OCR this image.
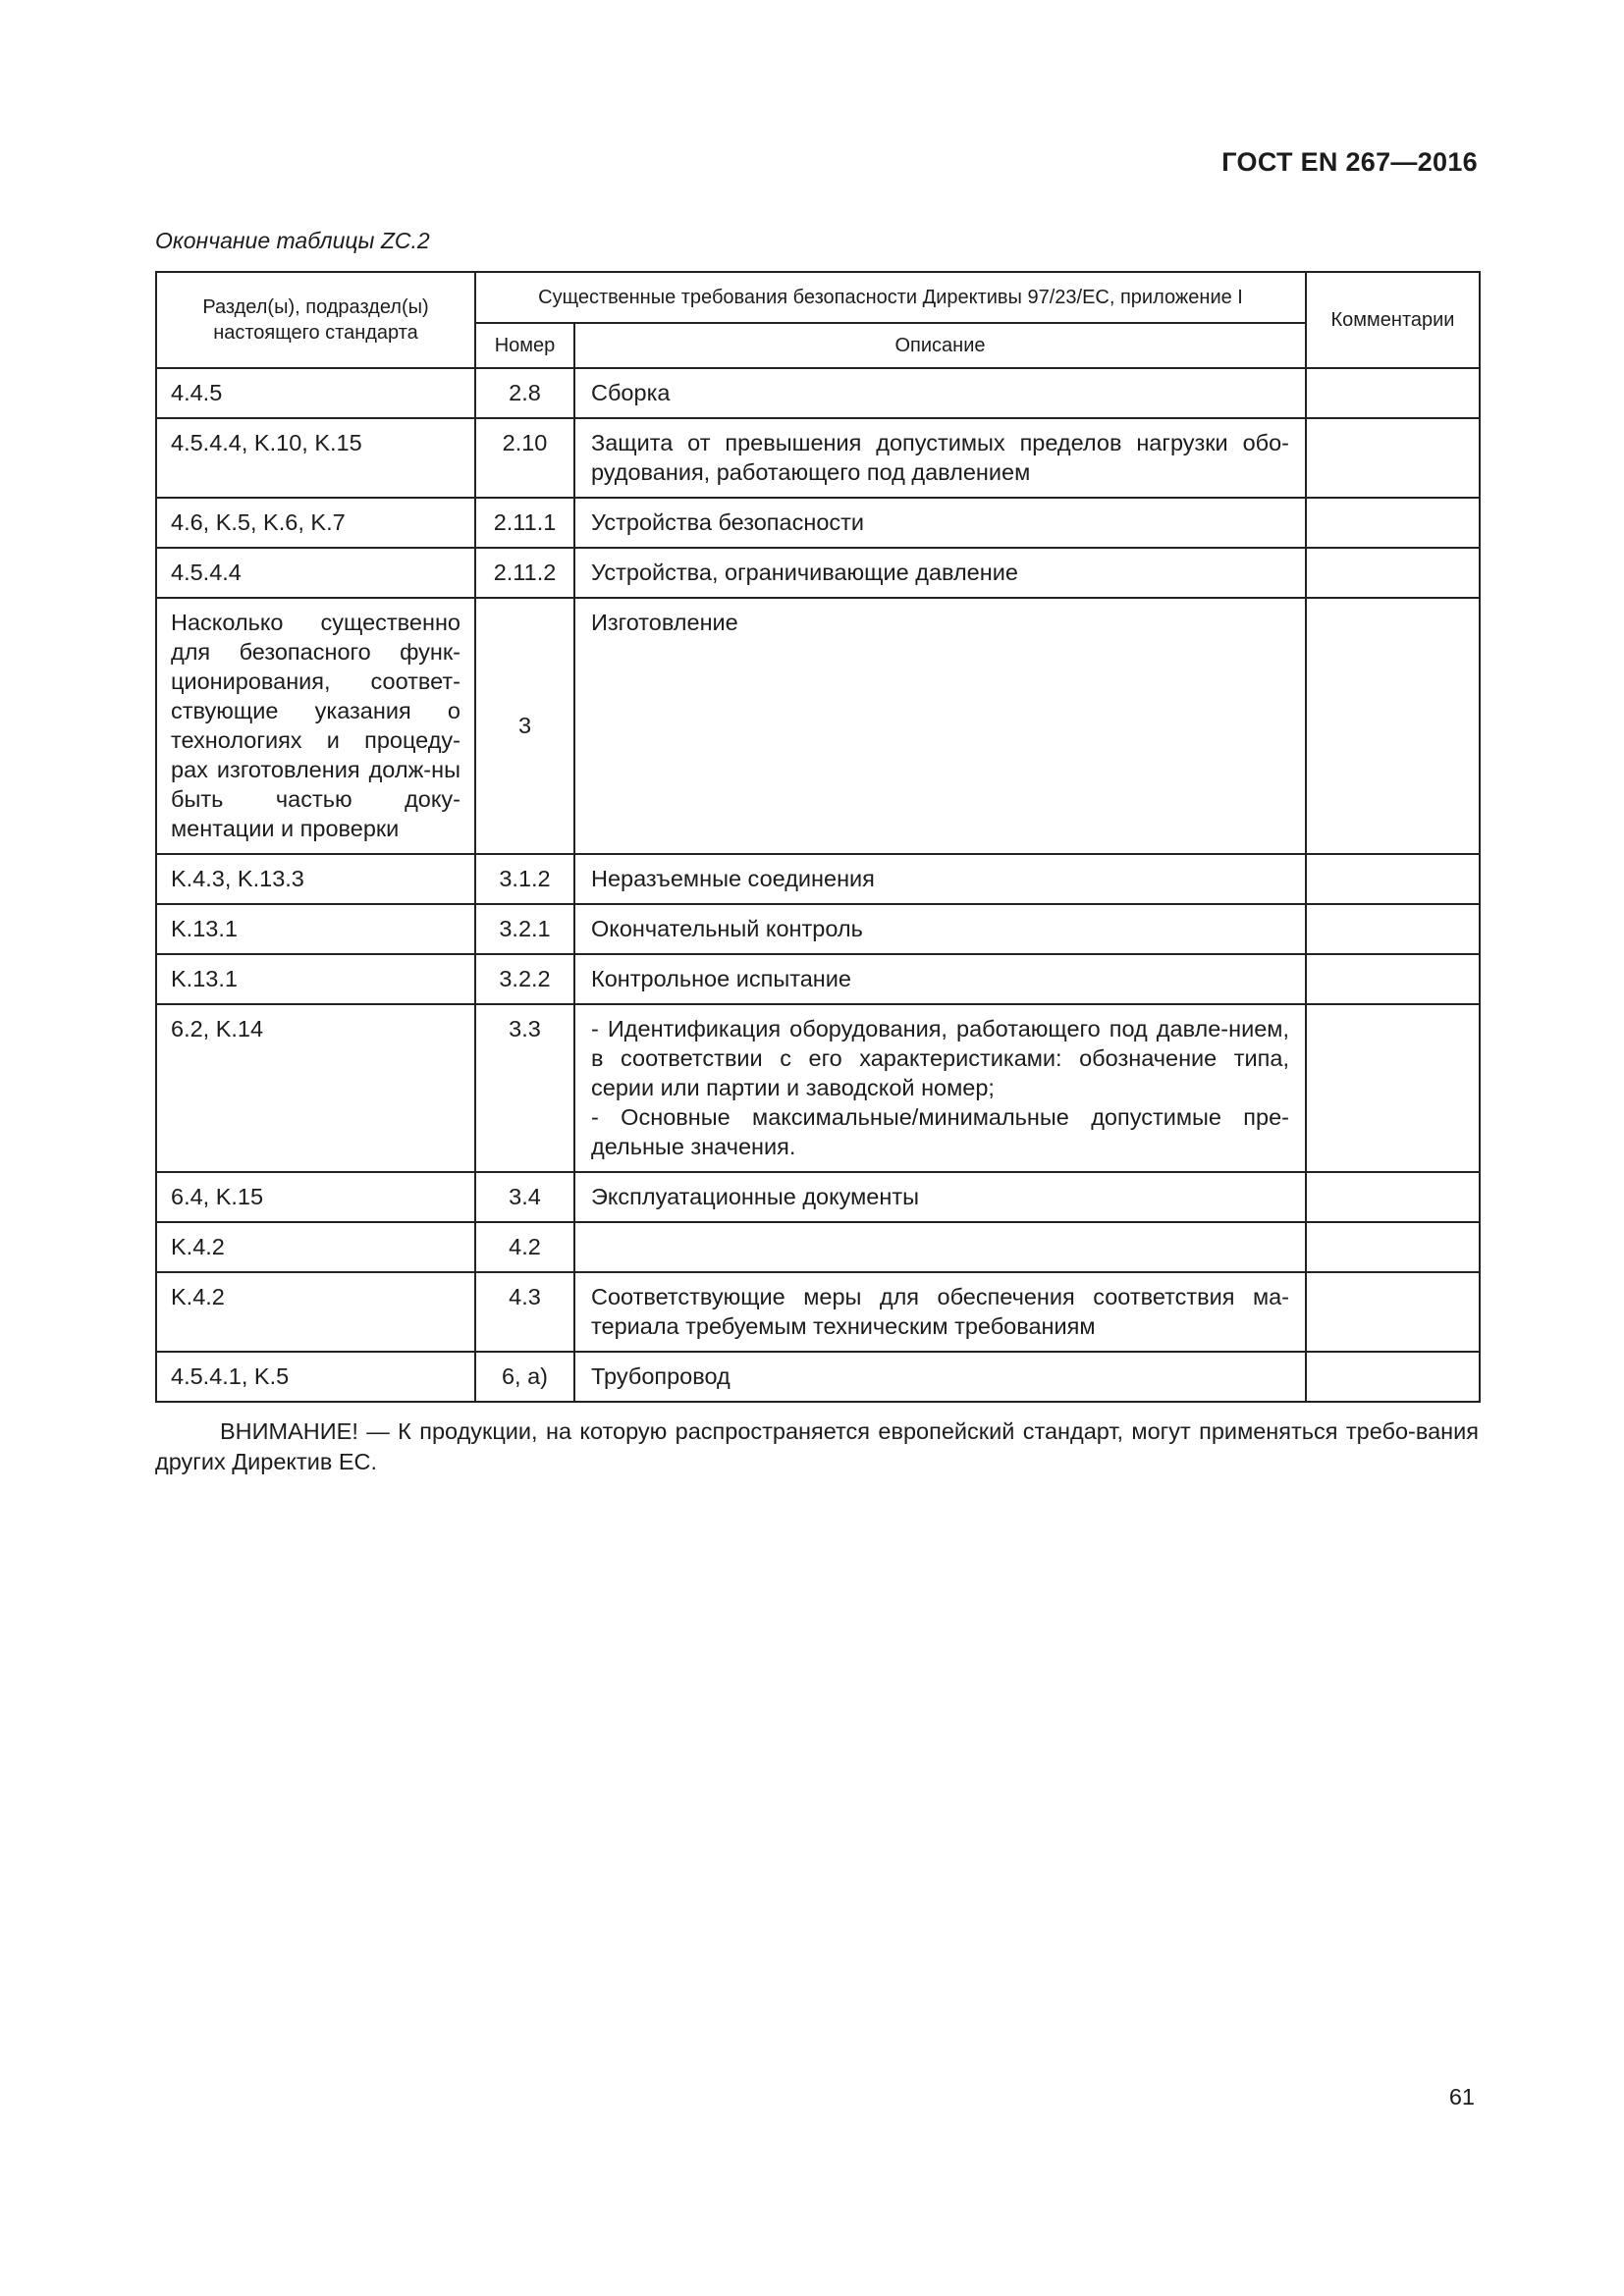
ГОСТ EN 267—2016
Окончание таблицы ZC.2
Раздел(ы), подраздел(ы) настоящего стандарта	Существенные требования безопасности Директивы 97/23/ЕС, приложение I		Комментарии
	Номер	Описание	
4.4.5	2.8	Сборка	
4.5.4.4, K.10, K.15	2.10	Защита от превышения допустимых пределов нагрузки обо-рудования, работающего под давлением	
4.6, K.5, K.6, K.7	2.11.1	Устройства безопасности	
4.5.4.4	2.11.2	Устройства, ограничивающие давление	
Насколько существенно для безопасного функ-ционирования, соответ-ствующие указания о технологиях и процеду-рах изготовления долж-ны быть частью доку-ментации и проверки	3	Изготовление	
K.4.3, K.13.3	3.1.2	Неразъемные соединения	
K.13.1	3.2.1	Окончательный контроль	
K.13.1	3.2.2	Контрольное испытание	
6.2, K.14	3.3	- Идентификация оборудования, работающего под давле-нием, в соответствии с его характеристиками: обозначение типа, серии или партии и заводской номер;
- Основные максимальные/минимальные допустимые пре-дельные значения.	

6.4, K.15	3.4	Эксплуатационные документы	
K.4.2	4.2		
K.4.2	4.3	Соответствующие меры для обеспечения соответствия ма-териала требуемым техническим требованиям	
4.5.4.1, K.5	6, a)	Трубопровод	
ВНИМАНИЕ! — К продукции, на которую распространяется европейский стандарт, могут применяться требо-вания других Директив ЕС.
61
